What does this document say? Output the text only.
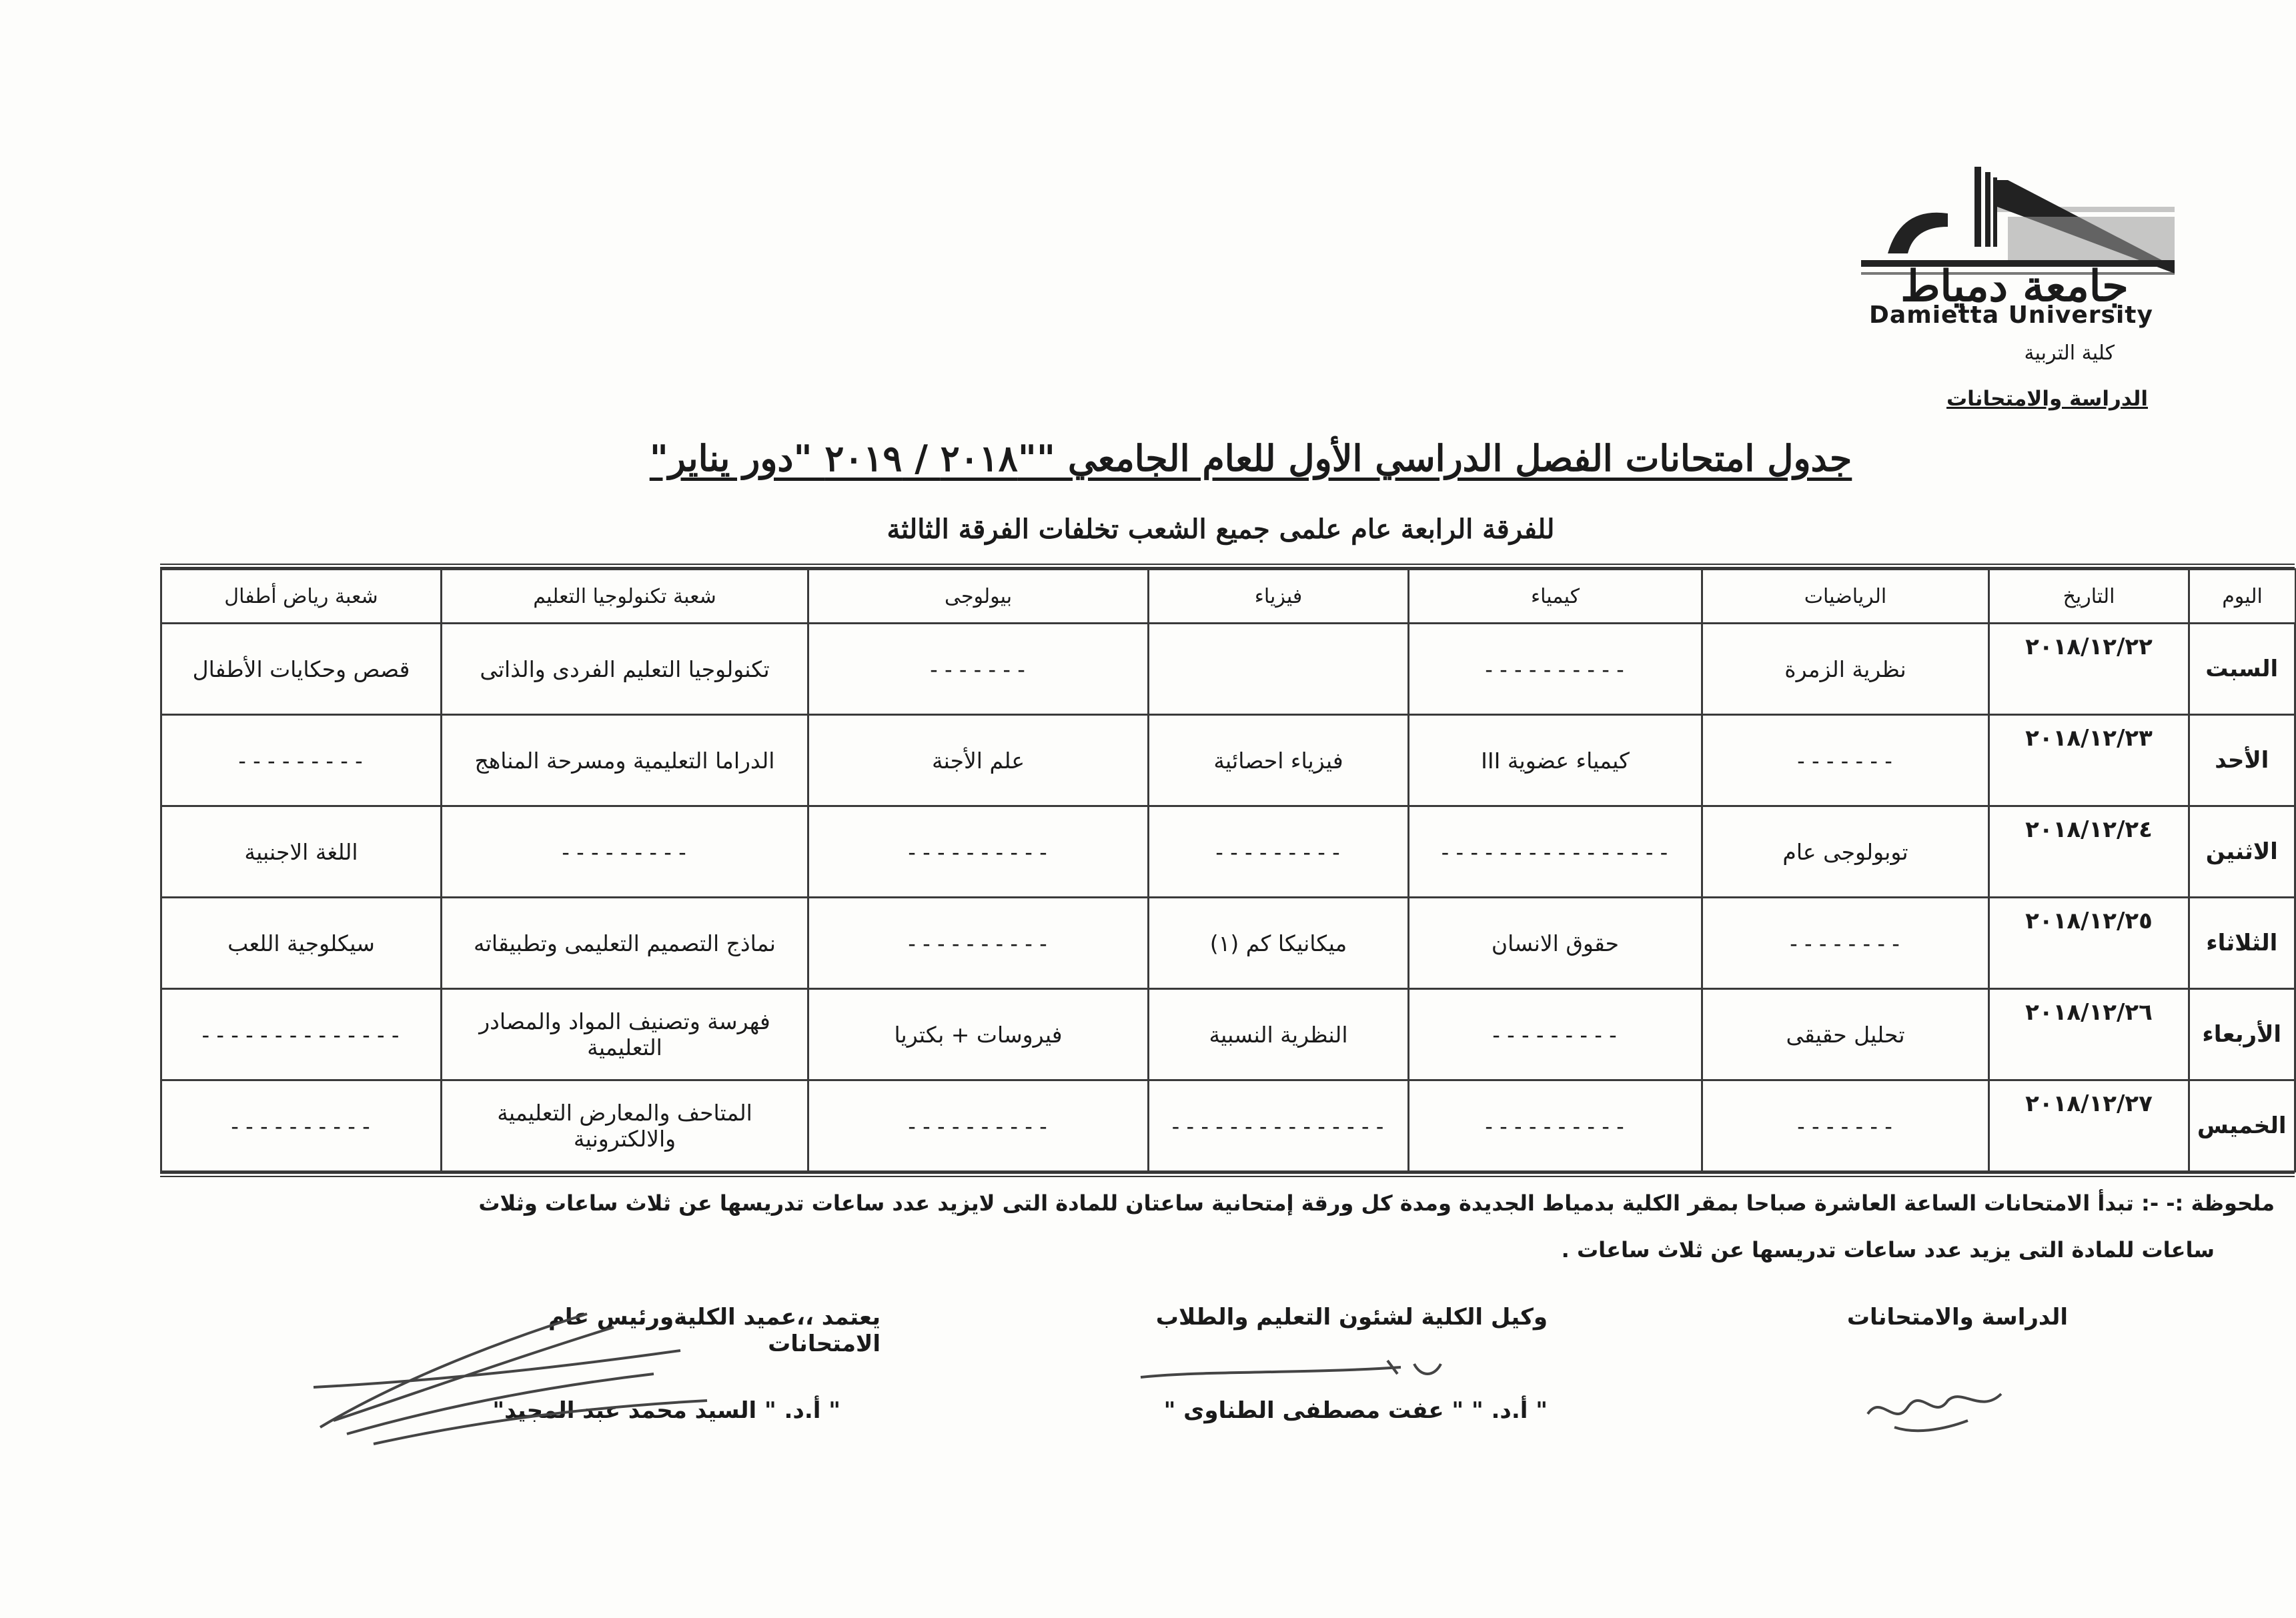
جامعة دمياط
Damietta University
كلية التربية
الدراسة والامتحانات
جدول امتحانات الفصل الدراسي الأول للعام الجامعي ""٢٠١٨ / ٢٠١٩ "دور يناير"
للفرقة الرابعة عام علمى جميع الشعب تخلفات الفرقة الثالثة
اليوم	التاريخ	الرياضيات	كيمياء	فيزياء	بيولوجى	شعبة تكنولوجيا التعليم	شعبة رياض أطفال
السبت	٢٠١٨/١٢/٢٢	نظرية الزمرة	----------		-------	تكنولوجيا التعليم الفردى والذاتى	قصص وحكايات الأطفال
الأحد	٢٠١٨/١٢/٢٣	-------	كيمياء عضوية III	فيزياء احصائية	علم الأجنة	الدراما التعليمية ومسرحة المناهج	---------
الاثنين	٢٠١٨/١٢/٢٤	توبولوجى عام	----------------	---------	----------	---------	اللغة الاجنبية
الثلاثاء	٢٠١٨/١٢/٢٥	--------	حقوق الانسان	ميكانيكا كم (١)	----------	نماذج التصميم التعليمى وتطبيقاته	سيكلوجية اللعب
الأربعاء	٢٠١٨/١٢/٢٦	تحليل حقيقى	---------	النظرية النسبية	فيروسات + بكتريا	فهرسة وتصنيف المواد والمصادر التعليمية	--------------
الخميس	٢٠١٨/١٢/٢٧	-------	----------	---------------	----------	المتاحف والمعارض التعليمية والالكترونية	----------
ملحوظة :- -: تبدأ الامتحانات الساعة العاشرة صباحا بمقر الكلية بدمياط الجديدة ومدة كل ورقة إمتحانية ساعتان للمادة التى لايزيد عدد ساعات تدريسها عن ثلاث ساعات وثلاث
ساعات للمادة التى يزيد عدد ساعات تدريسها عن ثلاث ساعات .
الدراسة والامتحانات
وكيل الكلية لشئون التعليم والطلاب
يعتمد ،،عميد الكليةورئيس عام الامتحانات
" أ.د. " " عفت مصطفى الطناوى "
" أ.د. " السيد محمد عبد المجيد"
